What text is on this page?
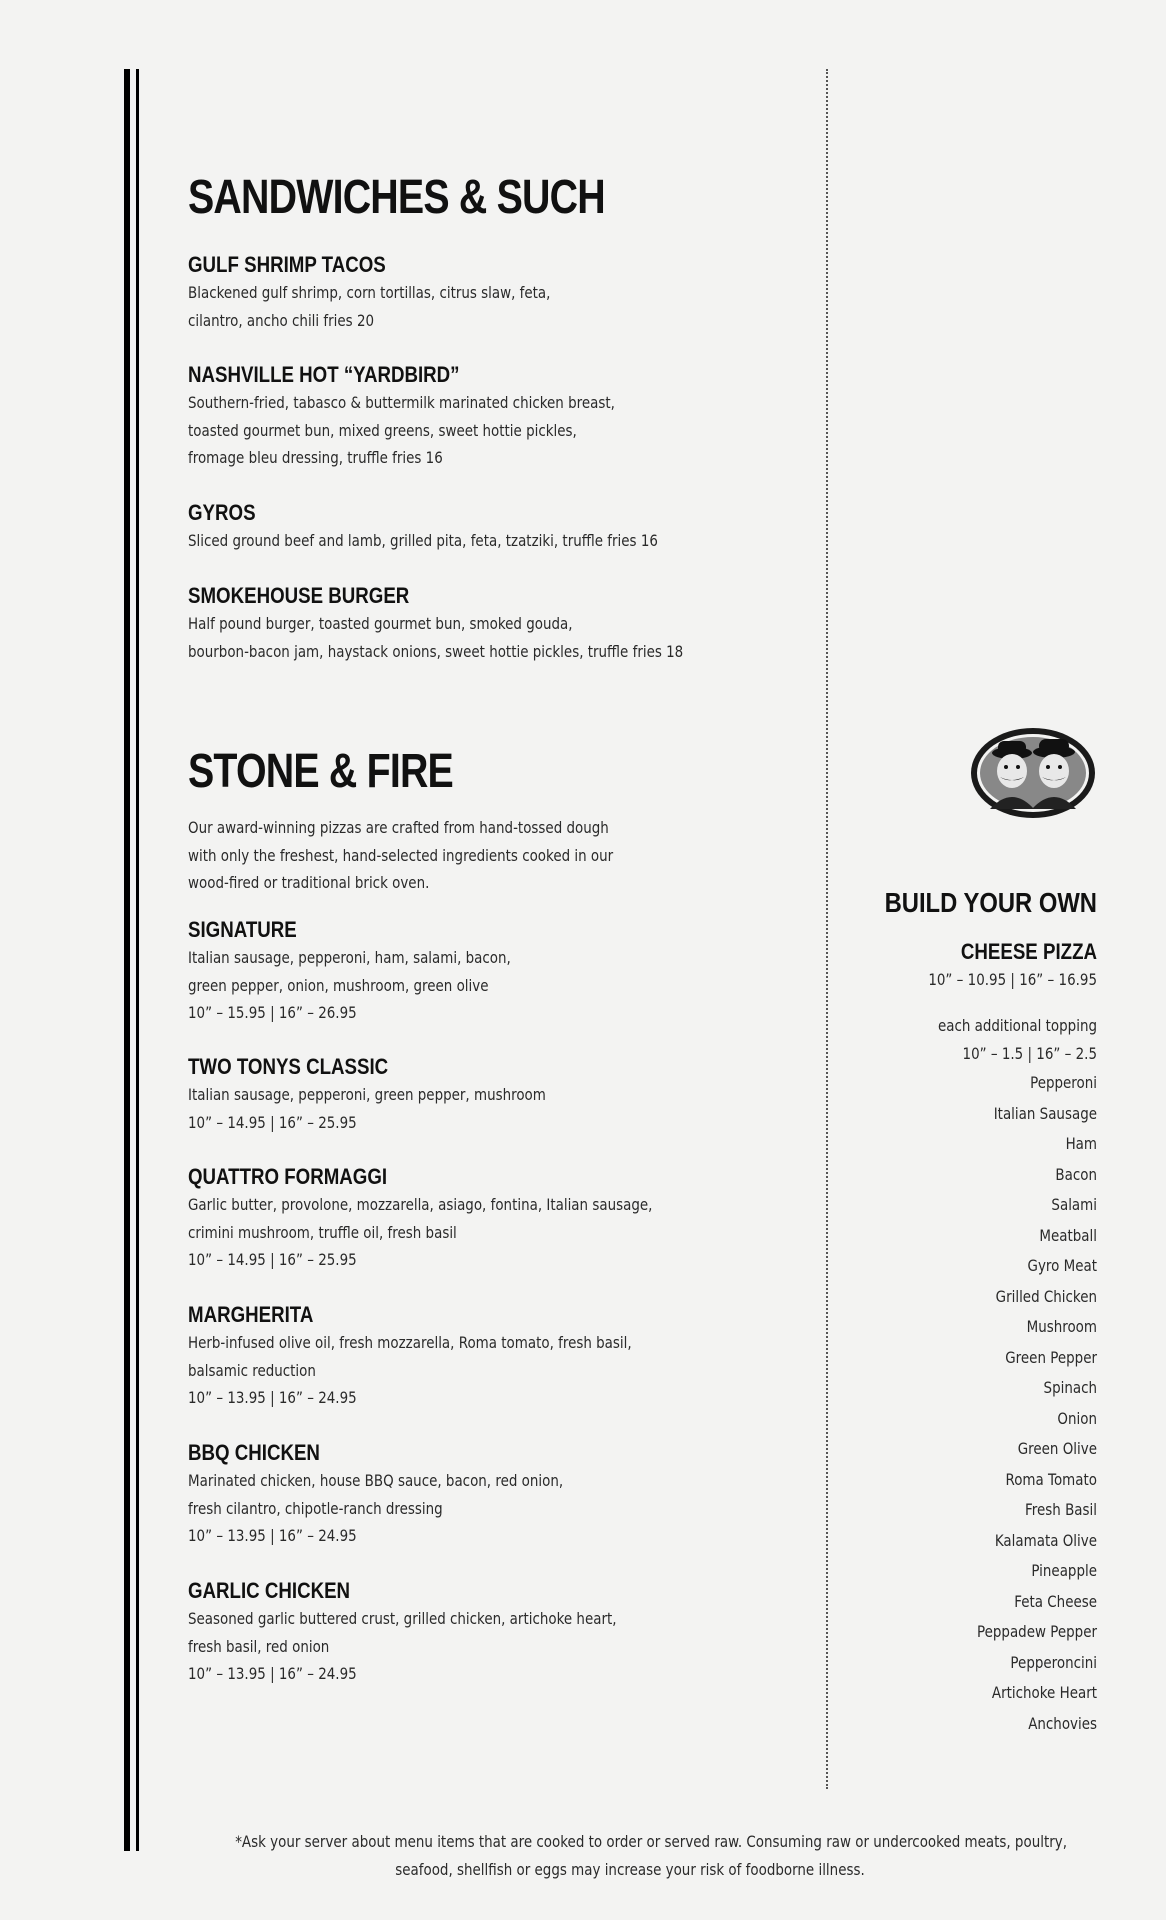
SANDWICHES & SUCH
GULF SHRIMP TACOS

Blackened gulf shrimp, corn tortillas, citrus slaw, feta,

cilantro, ancho chili fries 20

NASHVILLE HOT “YARDBIRD”

Southern-fried, tabasco & buttermilk marinated chicken breast,

toasted gourmet bun, mixed greens, sweet hottie pickles,

fromage bleu dressing, truffle fries 16

GYROS

Sliced ground beef and lamb, grilled pita, feta, tzatziki, truffle fries 16

SMOKEHOUSE BURGER

Half pound burger, toasted gourmet bun, smoked gouda,

bourbon-bacon jam, haystack onions, sweet hottie pickles, truffle fries 18

STONE & FIRE

Our award-winning pizzas are crafted from hand-tossed dough

with only the freshest, hand-selected ingredients cooked in our

wood-fired or traditional brick oven.

SIGNATURE

Italian sausage, pepperoni, ham, salami, bacon,

green pepper, onion, mushroom, green olive

10” – 15.95 | 16” – 26.95

TWO TONYS CLASSIC

Italian sausage, pepperoni, green pepper, mushroom

10” – 14.95 | 16” – 25.95

QUATTRO FORMAGGI

Garlic butter, provolone, mozzarella, asiago, fontina, Italian sausage,

crimini mushroom, truffle oil, fresh basil

10” – 14.95 | 16” – 25.95

MARGHERITA

Herb-infused olive oil, fresh mozzarella, Roma tomato, fresh basil,

balsamic reduction

10” – 13.95 | 16” – 24.95

BBQ CHICKEN

Marinated chicken, house BBQ sauce, bacon, red onion,

fresh cilantro, chipotle-ranch dressing

10” – 13.95 | 16” – 24.95

GARLIC CHICKEN

Seasoned garlic buttered crust, grilled chicken, artichoke heart,

fresh basil, red onion

10” – 13.95 | 16” – 24.95

BUILD YOUR OWN
CHEESE PIZZA

10” – 10.95 | 16” – 16.95

each additional topping

10” – 1.5 | 16” – 2.5

Pepperoni
Italian Sausage
Ham
Bacon
Salami
Meatball
Gyro Meat
Grilled Chicken
Mushroom
Green Pepper
Spinach
Onion
Green Olive
Roma Tomato
Fresh Basil
Kalamata Olive
Pineapple
Feta Cheese
Peppadew Pepper
Pepperoncini
Artichoke Heart
Anchovies
*Ask your server about menu items that are cooked to order or served raw. Consuming raw or undercooked meats, poultry,
seafood, shellfish or eggs may increase your risk of foodborne illness.
